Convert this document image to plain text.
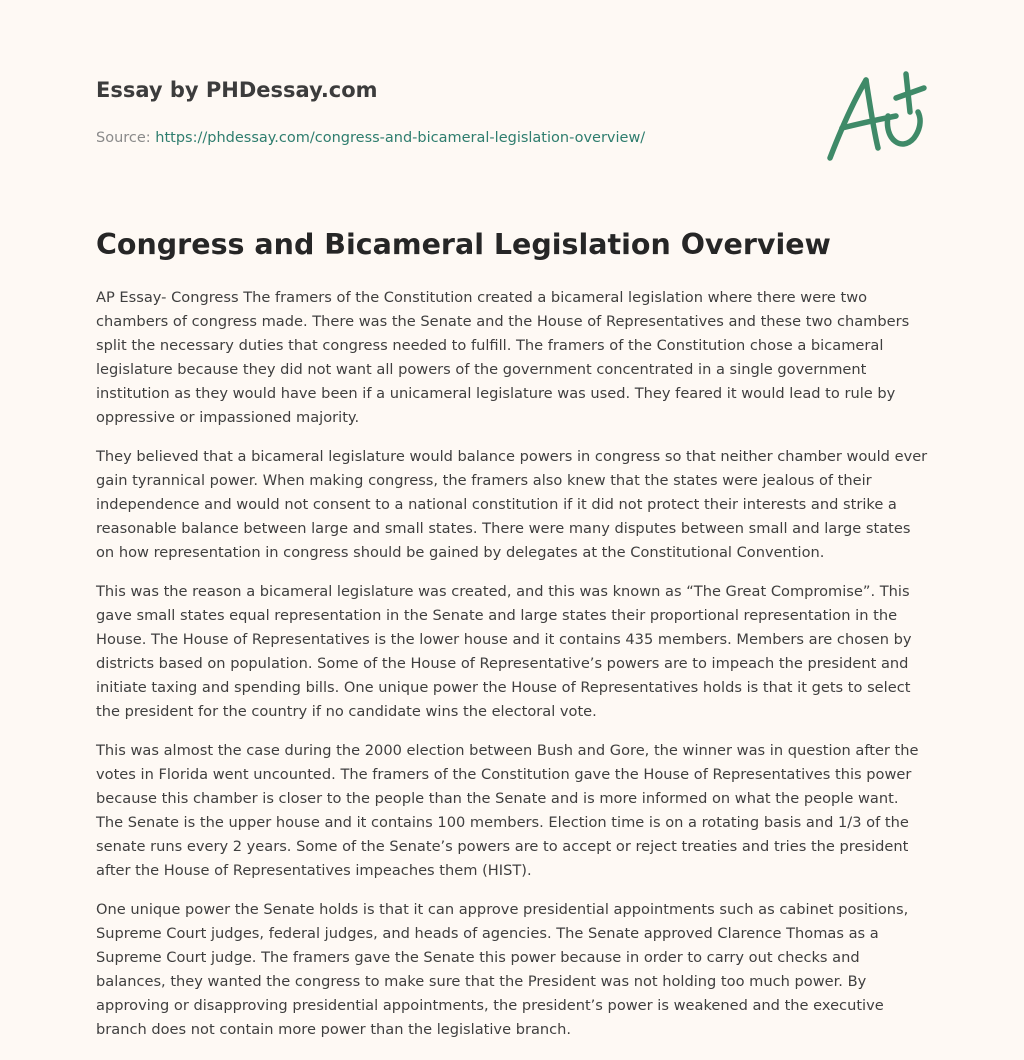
Essay by PHDessay.com
Source: https://phdessay.com/congress-and-bicameral-legislation-overview/
Congress and Bicameral Legislation Overview

AP Essay- Congress The framers of the Constitution created a bicameral legislation where there were two chambers of congress made. There was the Senate and the House of Representatives and these two chambers split the necessary duties that congress needed to fulfill. The framers of the Constitution chose a bicameral legislature because they did not want all powers of the government concentrated in a single government institution as they would have been if a unicameral legislature was used. They feared it would lead to rule by oppressive or impassioned majority.

They believed that a bicameral legislature would balance powers in congress so that neither chamber would ever gain tyrannical power. When making congress, the framers also knew that the states were jealous of their independence and would not consent to a national constitution if it did not protect their interests and strike a reasonable balance between large and small states. There were many disputes between small and large states on how representation in congress should be gained by delegates at the Constitutional Convention.

This was the reason a bicameral legislature was created, and this was known as “The Great Compromise”. This gave small states equal representation in the Senate and large states their proportional representation in the House. The House of Representatives is the lower house and it contains 435 members. Members are chosen by districts based on population. Some of the House of Representative’s powers are to impeach the president and initiate taxing and spending bills. One unique power the House of Representatives holds is that it gets to select the president for the country if no candidate wins the electoral vote.

This was almost the case during the 2000 election between Bush and Gore, the winner was in question after the votes in Florida went uncounted. The framers of the Constitution gave the House of Representatives this power because this chamber is closer to the people than the Senate and is more informed on what the people want. The Senate is the upper house and it contains 100 members. Election time is on a rotating basis and 1/3 of the senate runs every 2 years. Some of the Senate’s powers are to accept or reject treaties and tries the president after the House of Representatives impeaches them (HIST).

One unique power the Senate holds is that it can approve presidential appointments such as cabinet positions, Supreme Court judges, federal judges, and heads of agencies. The Senate approved Clarence Thomas as a Supreme Court judge. The framers gave the Senate this power because in order to carry out checks and balances, they wanted the congress to make sure that the President was not holding too much power. By approving or disapproving presidential appointments, the president’s power is weakened and the executive branch does not contain more power than the legislative branch.
